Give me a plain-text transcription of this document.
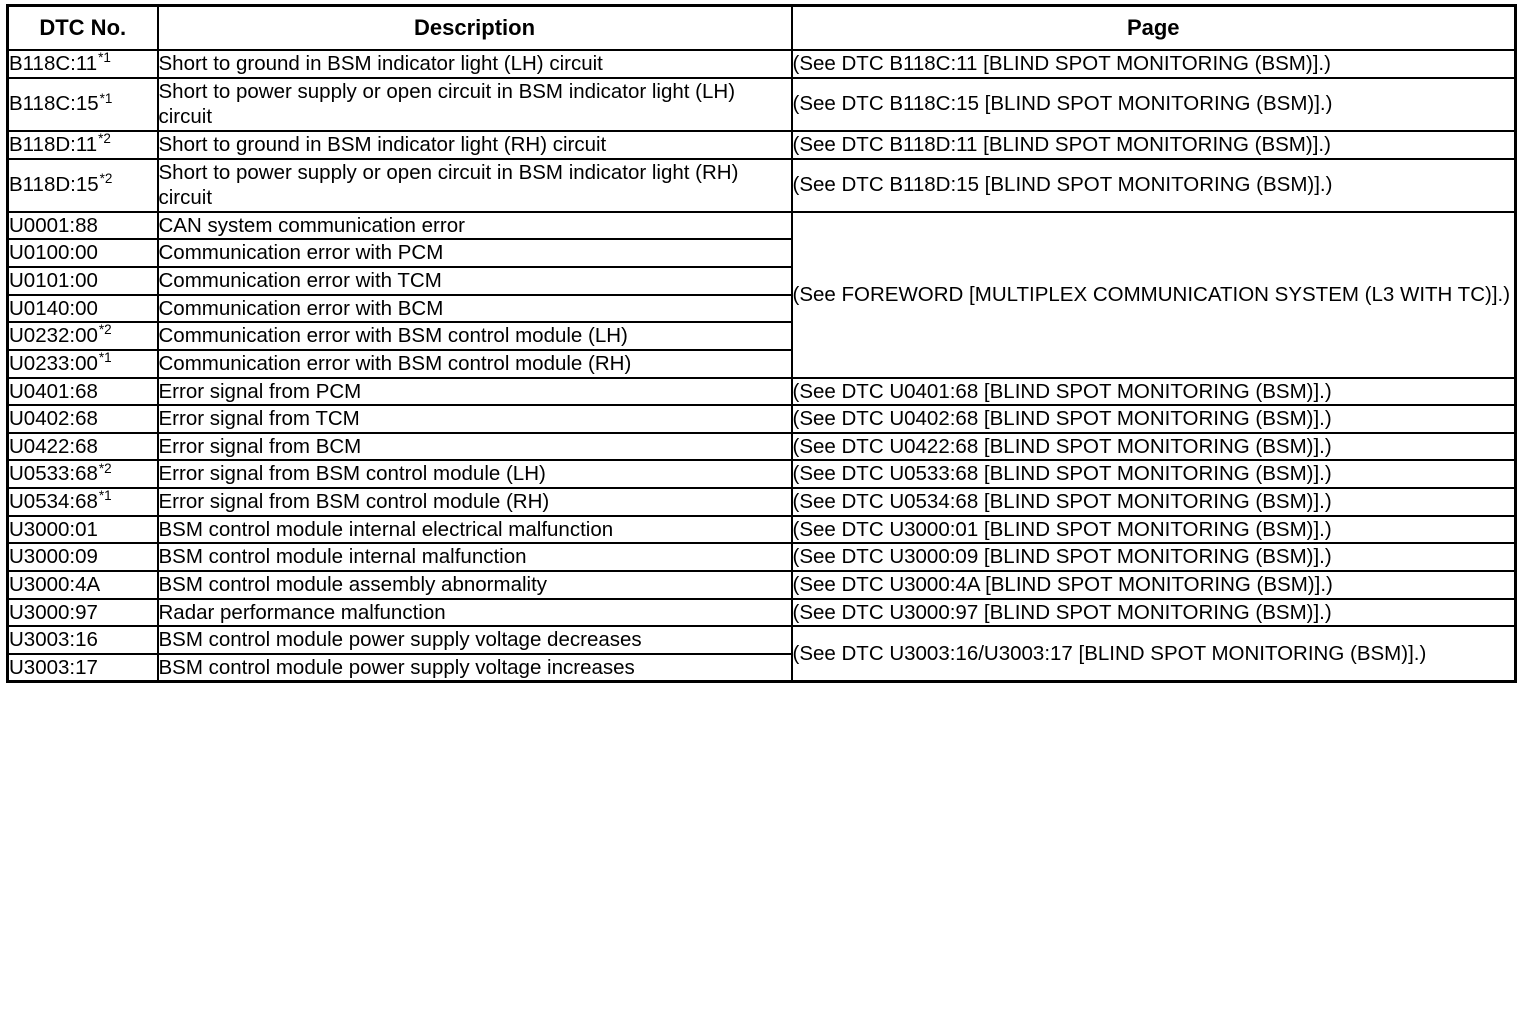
DTC No.	Description	Page
B118C:11$^{*1}$	Short to ground in BSM indicator light (LH) circuit	(See DTC B118C:11 [BLIND SPOT MONITORING (BSM)].)
B118C:15$^{*1}$	Short to power supply or open circuit in BSM indicator light (LH) circuit	(See DTC B118C:15 [BLIND SPOT MONITORING (BSM)].)
B118D:11$^{*2}$	Short to ground in BSM indicator light (RH) circuit	(See DTC B118D:11 [BLIND SPOT MONITORING (BSM)].)
B118D:15$^{*2}$	Short to power supply or open circuit in BSM indicator light (RH) circuit	(See DTC B118D:15 [BLIND SPOT MONITORING (BSM)].)
U0001:88	CAN system communication error	(See FOREWORD [MULTIPLEX COMMUNICATION SYSTEM (L3 WITH TC)].)
U0100:00	Communication error with PCM	
U0101:00	Communication error with TCM	
U0140:00	Communication error with BCM	
U0232:00$^{*2}$	Communication error with BSM control module (LH)	
U0233:00$^{*1}$	Communication error with BSM control module (RH)	
U0401:68	Error signal from PCM	(See DTC U0401:68 [BLIND SPOT MONITORING (BSM)].)
U0402:68	Error signal from TCM	(See DTC U0402:68 [BLIND SPOT MONITORING (BSM)].)
U0422:68	Error signal from BCM	(See DTC U0422:68 [BLIND SPOT MONITORING (BSM)].)
U0533:68$^{*2}$	Error signal from BSM control module (LH)	(See DTC U0533:68 [BLIND SPOT MONITORING (BSM)].)
U0534:68$^{*1}$	Error signal from BSM control module (RH)	(See DTC U0534:68 [BLIND SPOT MONITORING (BSM)].)
U3000:01	BSM control module internal electrical malfunction	(See DTC U3000:01 [BLIND SPOT MONITORING (BSM)].)
U3000:09	BSM control module internal malfunction	(See DTC U3000:09 [BLIND SPOT MONITORING (BSM)].)
U3000:4A	BSM control module assembly abnormality	(See DTC U3000:4A [BLIND SPOT MONITORING (BSM)].)
U3000:97	Radar performance malfunction	(See DTC U3000:97 [BLIND SPOT MONITORING (BSM)].)
U3003:16	BSM control module power supply voltage decreases	(See DTC U3003:16/U3003:17 [BLIND SPOT MONITORING (BSM)].)
U3003:17	BSM control module power supply voltage increases	
